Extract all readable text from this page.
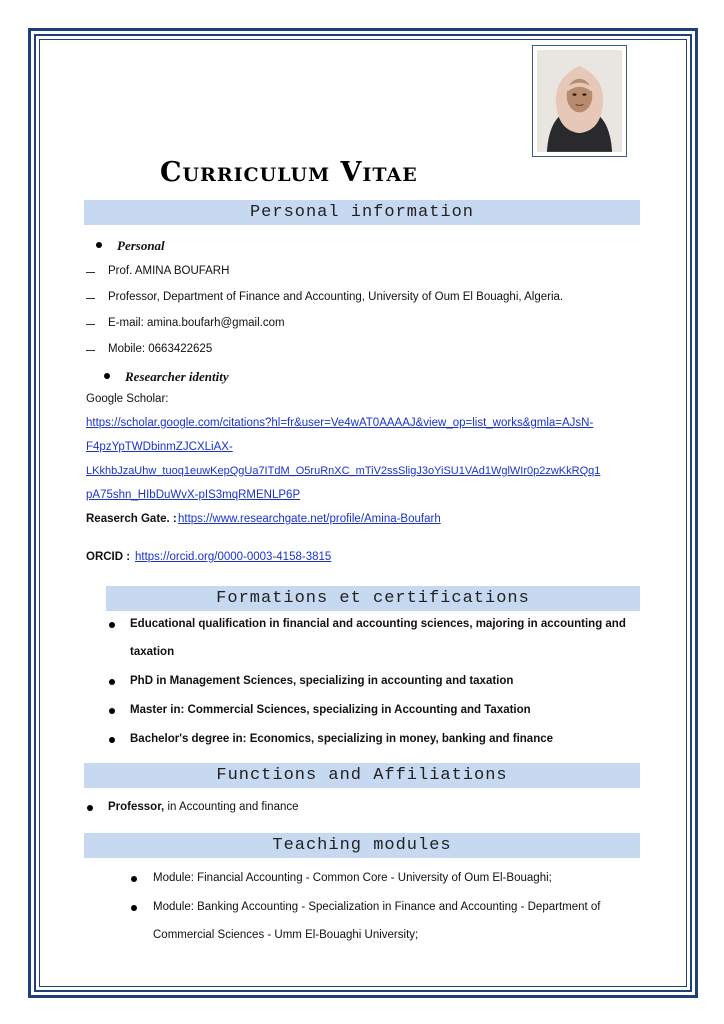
Curriculum Vitae
Personal information
Personal
Prof. AMINA BOUFARH
Professor, Department of Finance and Accounting, University of Oum El Bouaghi, Algeria.
E-mail: amina.boufarh@gmail.com
Mobile: 0663422625
Researcher identity
Google Scholar:
https://scholar.google.com/citations?hl=fr&user=Ve4wAT0AAAAJ&view_op=list_works&gmla=AJsN-
F4pzYpTWDbinmZJCXLiAX-
LKkhbJzaUhw_tuoq1euwKepQgUa7ITdM_O5ruRnXC_mTiV2ssSligJ3oYiSU1VAd1WglWIr0p2zwKkRQq1
pA75shn_HIbDuWvX-pIS3mqRMENLP6P
Reaserch Gate. : https://www.researchgate.net/profile/Amina-Boufarh
ORCID : https://orcid.org/0000-0003-4158-3815
Formations et certifications
Educational qualification in financial and accounting sciences, majoring in accounting and
taxation
PhD in Management Sciences, specializing in accounting and taxation
Master in: Commercial Sciences, specializing in Accounting and Taxation
Bachelor's degree in: Economics, specializing in money, banking and finance
Functions and Affiliations
Professor, in Accounting and finance
Teaching modules
Module: Financial Accounting - Common Core - University of Oum El-Bouaghi;
Module: Banking Accounting - Specialization in Finance and Accounting - Department of
Commercial Sciences - Umm El-Bouaghi University;
